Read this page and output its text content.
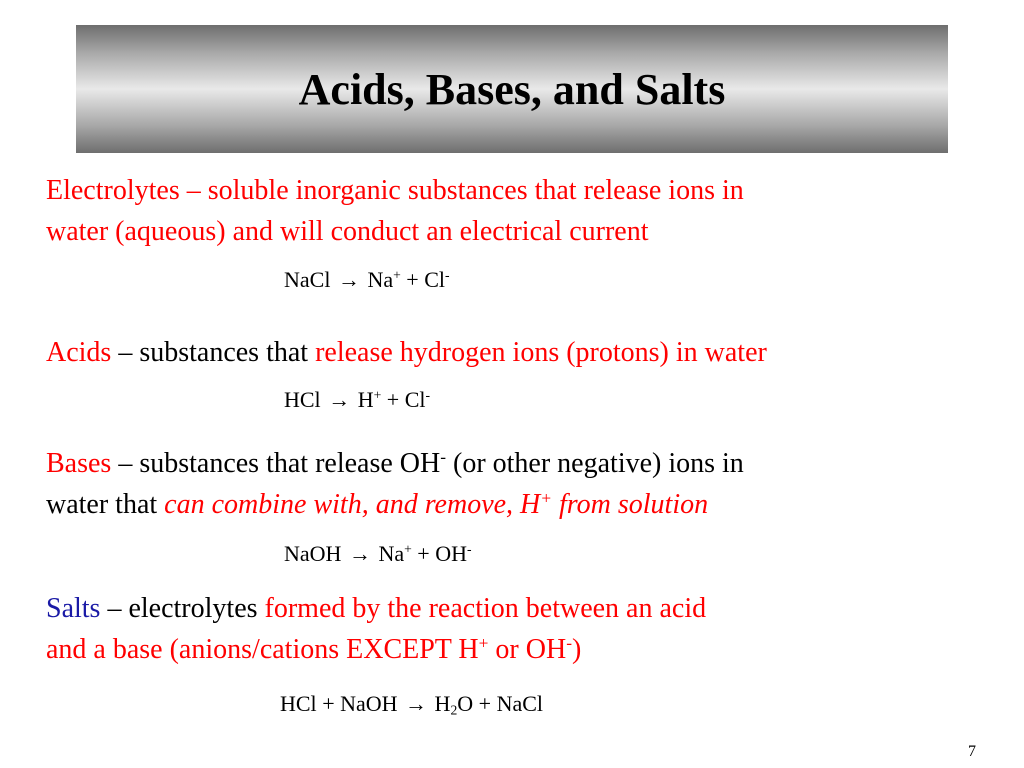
Acids, Bases, and Salts
Electrolytes – soluble inorganic substances that release ions in
water (aqueous) and will conduct an electrical current
NaCl → Na+ + Cl-
Acids – substances that release hydrogen ions (protons) in water
HCl → H+ + Cl-
Bases – substances that release OH- (or other negative) ions in
water that can combine with, and remove, H+ from solution
NaOH → Na+ + OH-
Salts – electrolytes formed by the reaction between an acid
and a base (anions/cations EXCEPT H+ or OH-)
HCl + NaOH → $H_2O$ + NaCl
7
